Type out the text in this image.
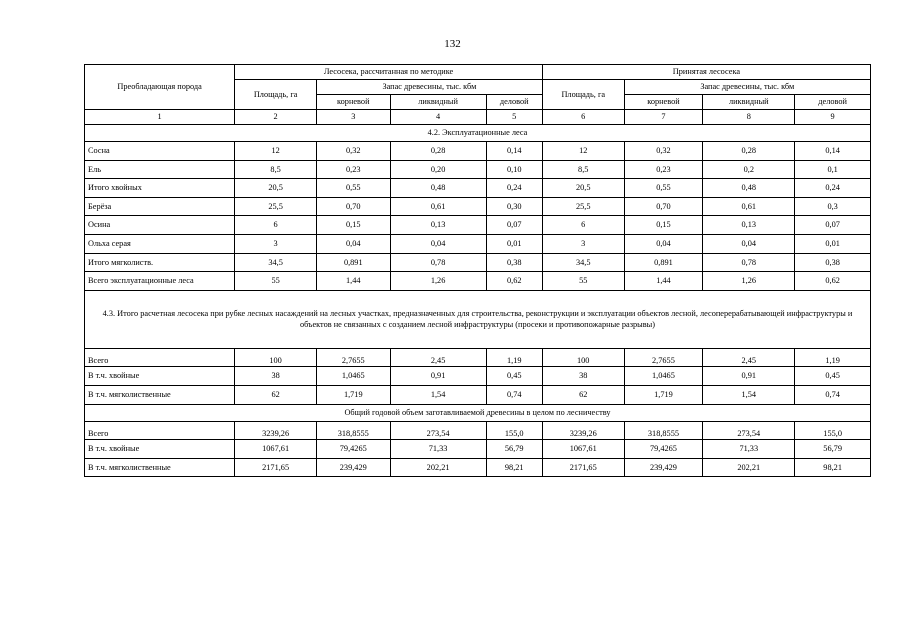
132
Преобладающая порода	Лесосека, рассчитанная по методике				Принятая лесосека			
	Площадь, га	Запас древесины, тыс. кбм			Площадь, га	Запас древесины, тыс. кбм		
		корневой	ликвидный	деловой		корневой	ликвидный	деловой
1	2	3	4	5	6	7	8	9
4.2. Эксплуатационные леса								
Сосна	12	0,32	0,28	0,14	12	0,32	0,28	0,14
Ель	8,5	0,23	0,20	0,10	8,5	0,23	0,2	0,1
Итого хвойных	20,5	0,55	0,48	0,24	20,5	0,55	0,48	0,24
Берёза	25,5	0,70	0,61	0,30	25,5	0,70	0,61	0,3
Осина	6	0,15	0,13	0,07	6	0,15	0,13	0,07
Ольха серая	3	0,04	0,04	0,01	3	0,04	0,04	0,01
Итого мягколиств.	34,5	0,891	0,78	0,38	34,5	0,891	0,78	0,38
Всего эксплуатационные леса	55	1,44	1,26	0,62	55	1,44	1,26	0,62
4.3. Итого расчетная лесосека при рубке лесных насаждений на лесных участках, предназначенных для строительства, реконструкции и эксплуатации объектов лесной, лесоперерабатывающей инфраструктуры и объектов не связанных с созданием лесной инфраструктуры (просеки и противопожарные разрывы)								
Всего	100	2,7655	2,45	1,19	100	2,7655	2,45	1,19
В т.ч. хвойные	38	1,0465	0,91	0,45	38	1,0465	0,91	0,45
В т.ч. мягколиственные	62	1,719	1,54	0,74	62	1,719	1,54	0,74
Общий годовой объем заготавливаемой древесины в целом по лесничеству								
Всего	3239,26	318,8555	273,54	155,0	3239,26	318,8555	273,54	155,0
В т.ч. хвойные	1067,61	79,4265	71,33	56,79	1067,61	79,4265	71,33	56,79
В т.ч. мягколиственные	2171,65	239,429	202,21	98,21	2171,65	239,429	202,21	98,21
